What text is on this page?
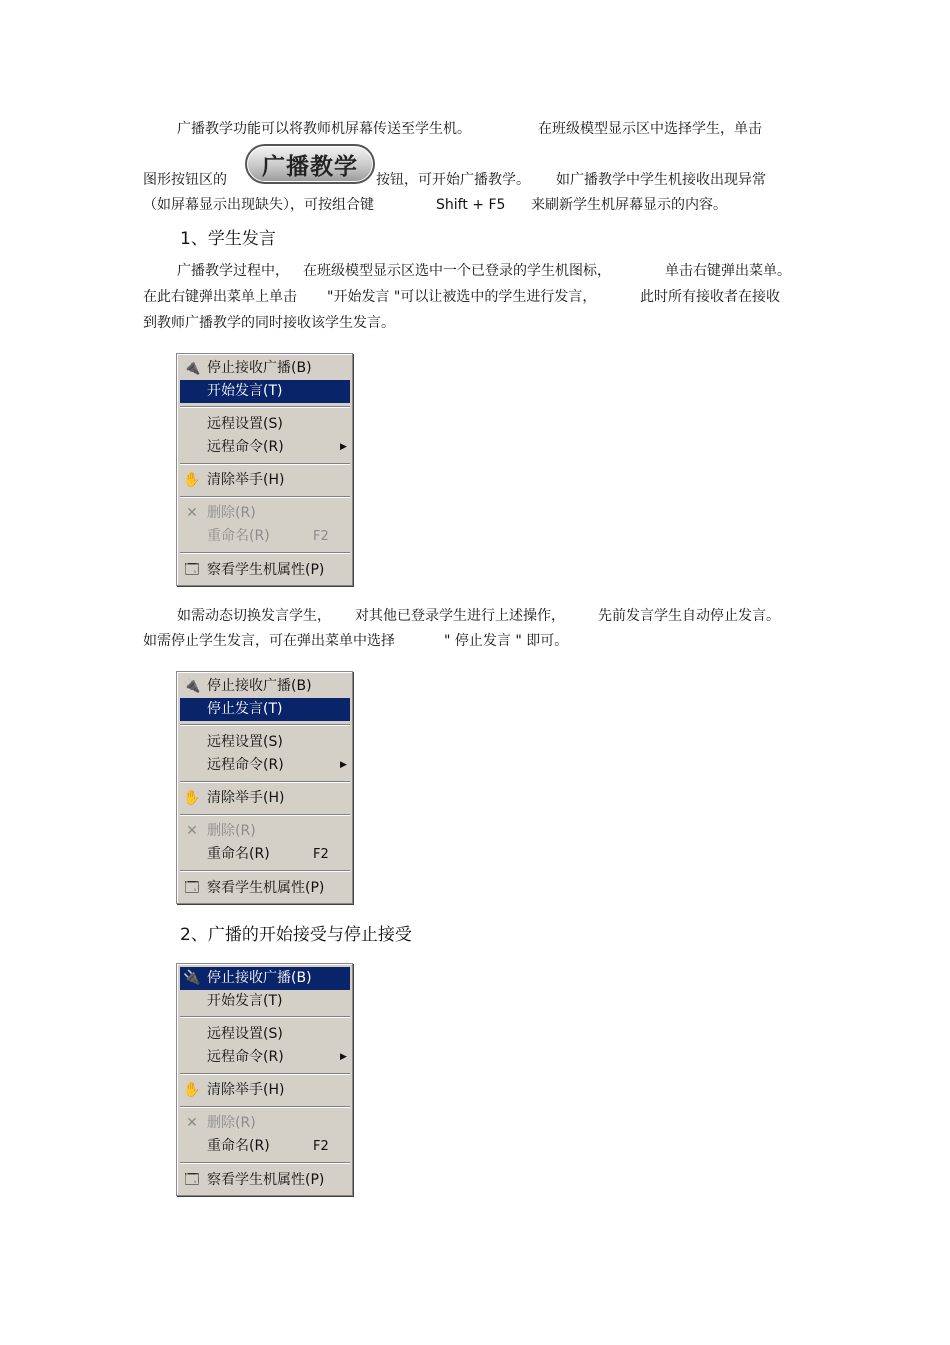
广播教学功能可以将教师机屏幕传送至学生机。	在班级模型显示区中选择学生，单击
图形按钮区的	按钮，可开始广播教学。 如广播教学中学生机接收出现异常
广播教学
（如屏幕显示出现缺失），可按组合键	Shift + F5 来刷新学生机屏幕显示的内容。
1、学生发言
广播教学过程中， 在班级模型显示区选中一个已登录的学生机图标，	单击右键弹出菜单。
在此右键弹出菜单上单击 "开始发言 "可以让被选中的学生进行发言，	此时所有接收者在接收
到教师广播教学的同时接收该学生发言。
🔌 停止接收广播(B)
开始发言(T)
远程设置(S)
远程命令(R)	▶
✋ 清除举手(H)
✕ 删除(R)
重命名(R)	F2
🗔 察看学生机属性(P)
如需动态切换发言学生， 对其他已登录学生进行上述操作， 先前发言学生自动停止发言。
如需停止学生发言，可在弹出菜单中选择	" 停止发言 " 即可。
🔌 停止接收广播(B)
停止发言(T)
远程设置(S)
远程命令(R)	▶
✋ 清除举手(H)
✕ 删除(R)
重命名(R)	F2
🗔 察看学生机属性(P)
2、广播的开始接受与停止接受
🔌 停止接收广播(B)
开始发言(T)
远程设置(S)
远程命令(R)	▶
✋ 清除举手(H)
✕ 删除(R)
重命名(R)	F2
🗔 察看学生机属性(P)
